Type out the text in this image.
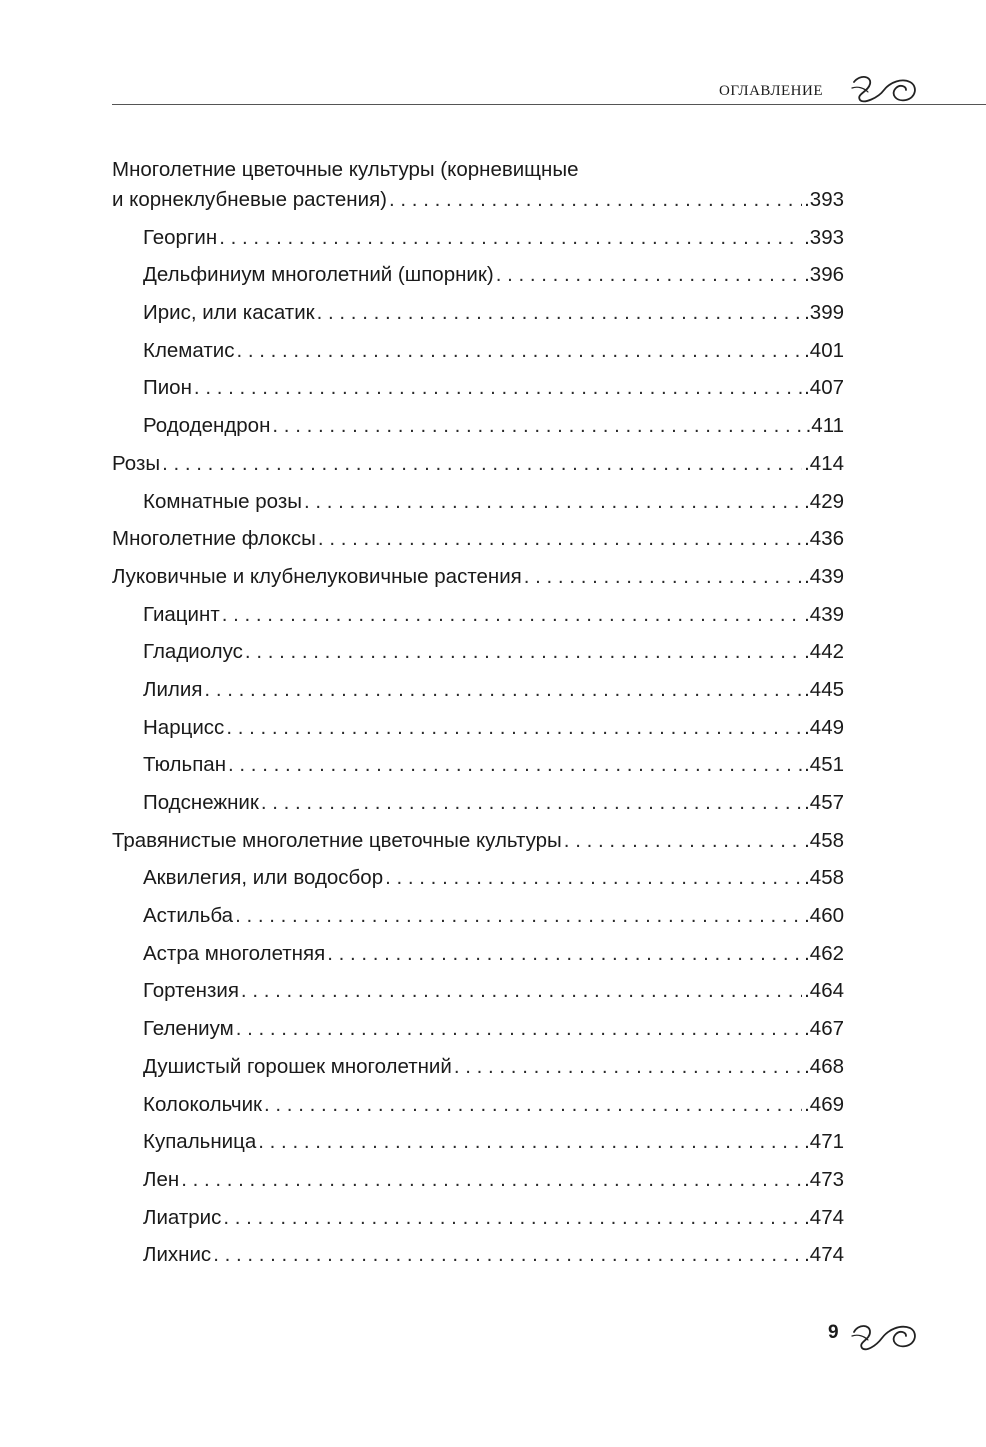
ОГЛАВЛЕНИЕ
Многолетние цветочные культуры (корневищные
и корнеклубневые растения) . . .	.393
Георгин . . .	.393
Дельфиниум многолетний (шпорник) . . .	.396
Ирис, или касатик . . .	.399
Клематис . . .	.401
Пион . . .	.407
Рододендрон . . .	.411
Розы . . .	.414
Комнатные розы . . .	.429
Многолетние флоксы . . .	.436
Луковичные и клубнелуковичные растения . . .	.439
Гиацинт . . .	.439
Гладиолус . . .	.442
Лилия . . .	.445
Нарцисс . . .	.449
Тюльпан . . .	.451
Подснежник . . .	.457
Травянистые многолетние цветочные культуры . . .	.458
Аквилегия, или водосбор . . .	.458
Астильба . . .	.460
Астра многолетняя . . .	.462
Гортензия . . .	.464
Гелениум . . .	.467
Душистый горошек многолетний . . .	.468
Колокольчик . . .	.469
Купальница . . .	.471
Лен . . .	.473
Лиатрис . . .	.474
Лихнис . . .	.474
9
